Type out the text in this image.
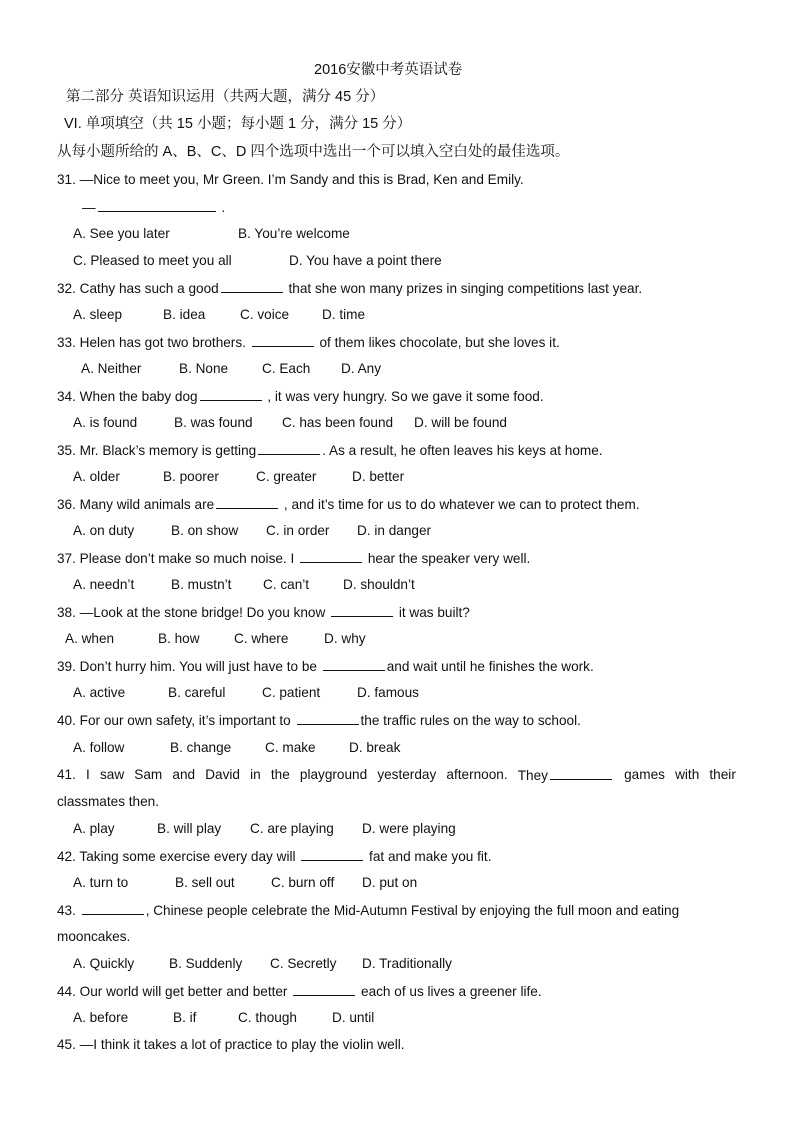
2016安徽中考英语试卷
第二部分 英语知识运用（共两大题，满分 45 分）
VI. 单项填空（共 15 小题；每小题 1 分，满分 15 分）
从每小题所给的 A、B、C、D 四个选项中选出一个可以填入空白处的最佳选项。
31. —Nice to meet you, Mr Green. I’m Sandy and this is Brad, Ken and Emily.
—	.
A. See you later	B. You’re welcome
C. Pleased to meet you all	D. You have a point there
32. Cathy has such a good	that she won many prizes in singing competitions last year.
A. sleep	B. idea	C. voice D. time
33. Helen has got two brothers.	of them likes chocolate, but she loves it.
A. Neither	B. None C. Each D. Any
34. When the baby dog	, it was very hungry. So we gave it some food.
A. is found	B. was found C. has been found D. will be found
35. Mr. Black’s memory is getting	. As a result, he often leaves his keys at home.
A. older	B. poorer	C. greater	D. better
36. Many wild animals are	, and it’s time for us to do whatever we can to protect them.
A. on duty	B. on show C. in order D. in danger
37. Please don’t make so much noise. I	hear the speaker very well.
A. needn’t	B. mustn’t C. can’t D. shouldn’t
38. —Look at the stone bridge! Do you know	it was built?
A. when	B. how	C. where	D. why
39. Don’t hurry him. You will just have to be	and wait until he finishes the work.
A. active	B. careful	C. patient	D. famous
40. For our own safety, it’s important to	the traffic rules on the way to school.
A. follow	B. change C. make D. break
41. I saw Sam and David in the playground yesterday afternoon. They	games with their
classmates then.
A. play	B. will play C. are playing D. were playing
42. Taking some exercise every day will	fat and make you fit.
A. turn to	B. sell out	C. burn off D. put on
43.	, Chinese people celebrate the Mid-Autumn Festival by enjoying the full moon and eating
mooncakes.
A. Quickly	B. Suddenly C. Secretly D. Traditionally
44. Our world will get better and better	each of us lives a greener life.
A. before	B. if	C. though	D. until
45. —I think it takes a lot of practice to play the violin well.
